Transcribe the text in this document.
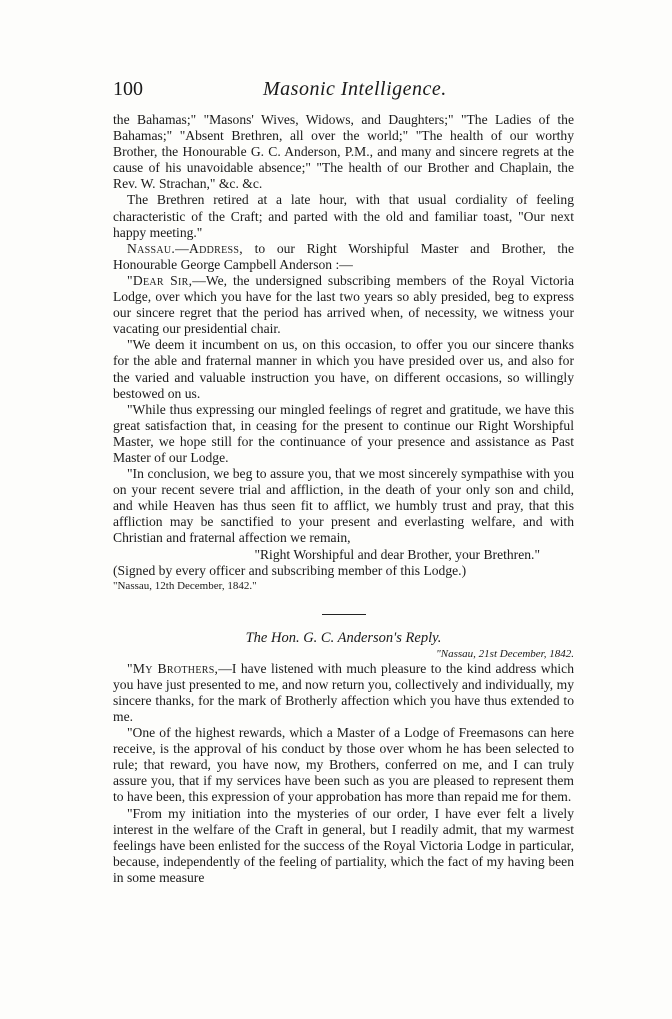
100	Masonic Intelligence.

the Bahamas;" "Masons' Wives, Widows, and Daughters;" "The Ladies of the Bahamas;" "Absent Brethren, all over the world;" "The health of our worthy Brother, the Honourable G. C. Anderson, P.M., and many and sincere regrets at the cause of his unavoidable absence;" "The health of our Brother and Chaplain, the Rev. W. Strachan," &c. &c.

The Brethren retired at a late hour, with that usual cordiality of feeling characteristic of the Craft; and parted with the old and familiar toast, "Our next happy meeting."

Nassau.—Address, to our Right Worshipful Master and Brother, the Honourable George Campbell Anderson :—

"Dear Sir,—We, the undersigned subscribing members of the Royal Victoria Lodge, over which you have for the last two years so ably presided, beg to express our sincere regret that the period has arrived when, of necessity, we witness your vacating our presidential chair.

"We deem it incumbent on us, on this occasion, to offer you our sincere thanks for the able and fraternal manner in which you have presided over us, and also for the varied and valuable instruction you have, on different occasions, so willingly bestowed on us.

"While thus expressing our mingled feelings of regret and gratitude, we have this great satisfaction that, in ceasing for the present to continue our Right Worshipful Master, we hope still for the continuance of your presence and assistance as Past Master of our Lodge.

"In conclusion, we beg to assure you, that we most sincerely sympathise with you on your recent severe trial and affliction, in the death of your only son and child, and while Heaven has thus seen fit to afflict, we humbly trust and pray, that this affliction may be sanctified to your present and everlasting welfare, and with Christian and fraternal affection we remain,

"Right Worshipful and dear Brother, your Brethren."

(Signed by every officer and subscribing member of this Lodge.)

"Nassau, 12th December, 1842."

The Hon. G. C. Anderson's Reply.

"Nassau, 21st December, 1842.

"My Brothers,—I have listened with much pleasure to the kind address which you have just presented to me, and now return you, collectively and individually, my sincere thanks, for the mark of Brotherly affection which you have thus extended to me.

"One of the highest rewards, which a Master of a Lodge of Freemasons can here receive, is the approval of his conduct by those over whom he has been selected to rule; that reward, you have now, my Brothers, conferred on me, and I can truly assure you, that if my services have been such as you are pleased to represent them to have been, this expression of your approbation has more than repaid me for them.

"From my initiation into the mysteries of our order, I have ever felt a lively interest in the welfare of the Craft in general, but I readily admit, that my warmest feelings have been enlisted for the success of the Royal Victoria Lodge in particular, because, independently of the feeling of partiality, which the fact of my having been in some measure
